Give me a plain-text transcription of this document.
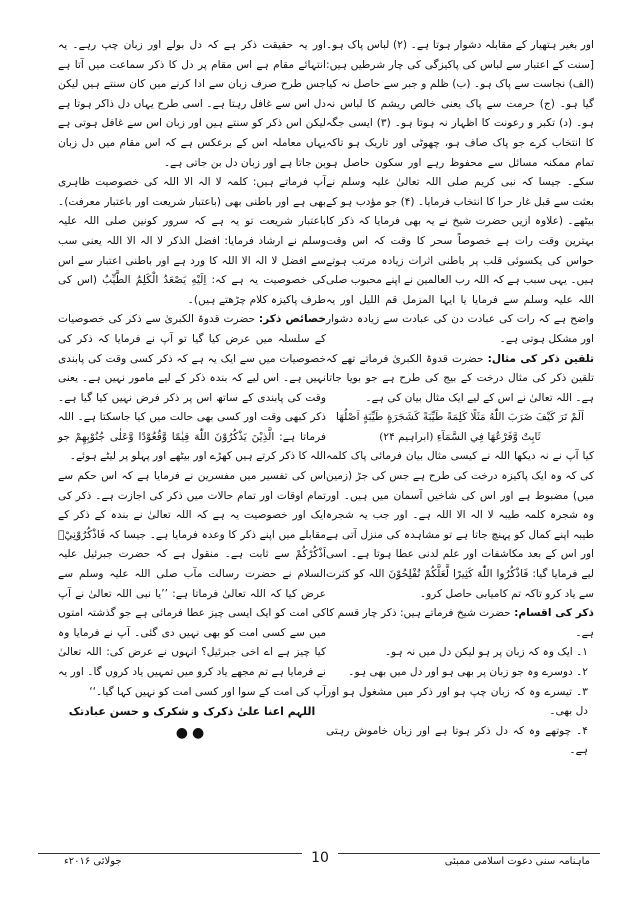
اور بغیر ہتھیار کے مقابلہ دشوار ہوتا ہے۔ (۲) لباس پاک ہو۔ [سنت کے اعتبار سے لباس کی پاکیزگی کی چار شرطیں ہیں: (الف) نجاست سے پاک ہو۔ (ب) ظلم و جبر سے حاصل نہ کیا گیا ہو۔ (ج) حرمت سے پاک یعنی خالص ریشم کا لباس نہ ہو۔ (د) تکبر و رعونت کا اظہار نہ ہوتا ہو۔ (۳) ایسی جگہ کا انتخاب کرے جو پاک صاف ہو، چھوٹی اور تاریک ہو تاکہ تمام ممکنہ مسائل سے محفوظ رہے اور سکون حاصل ہو سکے۔ جیسا کہ نبی کریم صلی اللہ تعالیٰ علیہ وسلم نے بعثت سے قبل غار حرا کا انتخاب فرمایا۔ (۴) جو مؤدب ہو کے بیٹھے۔ (علاوہ ازیں حضرت شیخ نے یہ بھی فرمایا کہ ذکر کا بہترین وقت رات ہے خصوصاً سحر کا وقت کہ اس وقت حواس کی یکسوئی قلب پر باطنی اثرات زیادہ مرتب ہوتے ہیں۔ یہی سبب ہے کہ اللہ رب العالمین نے اپنے محبوب صلی اللہ علیہ وسلم سے فرمایا یا ایہا المزمل قم اللیل اور یہ واضح ہے کہ رات کی عبادت دن کی عبادت سے زیادہ دشوار اور مشکل ہوتی ہے۔

تلقین ذکر کی مثال: حضرت قدوۃ الکبریٰ فرماتے تھے کہ تلقین ذکر کی مثال درخت کے بیج کی طرح ہے جو بویا جاتا ہے۔ اللہ تعالیٰ نے اس کے لیے ایک مثال بیان کی ہے۔

اَلَمْ تَرَ كَيْفَ ضَرَبَ اللّٰهُ مَثَلًا كَلِمَةً طَيِّبَةً كَشَجَرَةٍ طَيِّبَةٍ اَصْلُهَا ثَابِتٌ وَّفَرْعُهَا فِي السَّمَآءِ (ابراہیم ۲۴)

کیا آپ نے نہ دیکھا اللہ نے کیسی مثال بیان فرمائی پاک کلمہ کی کہ وہ ایک پاکیزہ درخت کی طرح ہے جس کی جڑ (زمین میں) مضبوط ہے اور اس کی شاخیں آسمان میں ہیں۔ اور وہ شجرہ کلمہ طیبہ لا الہ الا اللہ ہے۔ اور جب یہ شجرہ طیبہ اپنے کمال کو پہنچ جاتا ہے تو مشاہدہ کی منزل آتی ہے اور اس کے بعد مکاشفات اور علم لدنی عطا ہوتا ہے۔ اسی لیے فرمایا گیا: فَاذْكُرُوا اللّٰهَ كَثِيرًا لَّعَلَّكُمْ تُفْلِحُوْنَ اللہ کو کثرت سے یاد کرو تاکہ تم کامیابی حاصل کرو۔

ذکر کی اقسام: حضرت شیخ فرماتے ہیں: ذکر چار قسم کا ہے۔

۱۔ ایک وہ کہ زبان پر ہو لیکن دل میں نہ ہو۔

۲۔ دوسرے وہ جو زبان پر بھی ہو اور دل میں بھی ہو۔

۳۔ تیسرے وہ کہ زبان چپ ہو اور ذکر میں مشغول ہو اور دل بھی۔

۴۔ چوتھے وہ کہ دل ذکر ہوتا ہے اور زبان خاموش رہتی ہے۔

اور یہ حقیقت ذکر ہے کہ دل بولے اور زبان چپ رہے۔ یہ انتہائے مقام ہے اس مقام پر دل کا ذکر سماعت میں آتا ہے جس طرح صرف زبان سے ادا کرنے میں کان سنتے ہیں لیکن دل اس سے غافل رہتا ہے۔ اسی طرح یہاں دل ذاکر ہوتا ہے لیکن اس ذکر کو سنتے ہیں اور زبان اس سے غافل ہوتی ہے یہاں معاملہ اس کے برعکس ہے کہ اس مقام میں دل زبان بن جاتا ہے اور زبان دل بن جاتی ہے۔

آپ فرماتے ہیں: کلمہ لا الہ الا اللہ کی خصوصیت ظاہری بھی ہے اور باطنی بھی (باعتبار شریعت اور باعتبار معرفت)۔ باعتبار شریعت تو یہ ہے کہ سرور کونین صلی اللہ علیہ وسلم نے ارشاد فرمایا: افضل الذکر لا الہ الا اللہ یعنی سب سے افضل لا الہ الا اللہ کا ورد ہے اور باطنی اعتبار سے اس کی خصوصیت یہ ہے کہ: اِلَيْهِ يَصْعَدُ الْكَلِمُ الطَّيِّبُ (اس کی طرف پاکیزہ کلام چڑھتے ہیں)۔

خصائص ذکر: حضرت قدوۃ الکبریٰ سے ذکر کی خصوصیات کے سلسلہ میں عرض کیا گیا تو آپ نے فرمایا کہ ذکر کی خصوصیات میں سے ایک یہ ہے کہ ذکر کسی وقت کی پابندی نہیں ہے۔ اس لیے کہ بندہ ذکر کے لیے مامور نہیں ہے۔ یعنی وقت کی پابندی کے ساتھ اس پر ذکر فرض نہیں کیا گیا ہے۔ ذکر کبھی وقت اور کسی بھی حالت میں کیا جاسکتا ہے۔ اللہ فرماتا ہے: الَّذِيْنَ يَذْكُرُوْنَ اللّٰهَ قِيٰمًا وَّقُعُوْدًا وَّعَلٰى جُنُوْبِهِمْ جو اللہ کا ذکر کرتے ہیں کھڑے اور بیٹھے اور پہلو پر لیٹے ہوئے۔

اس کی تفسیر میں مفسرین نے فرمایا ہے کہ اس حکم سے تمام اوقات اور تمام حالات میں ذکر کی اجازت ہے۔ ذکر کی ایک اور خصوصیت یہ ہے کہ اللہ تعالیٰ نے بندہ کے ذکر کے مقابلے میں اپنے ذکر کا وعدہ فرمایا ہے۔ جیسا کہ فَاذْكُرُوْنِيْۤ اَذْكُرْكُمْ سے ثابت ہے۔ منقول ہے کہ حضرت جبرئیل علیہ السلام نے حضرت رسالت مآب صلی اللہ علیہ وسلم سے عرض کیا کہ اللہ تعالیٰ فرماتا ہے: ’’یا نبی اللہ تعالیٰ نے آپ کی امت کو ایک ایسی چیز عطا فرمائی ہے جو گذشتہ امتوں میں سے کسی امت کو بھی نہیں دی گئی۔ آپ نے فرمایا وہ کیا چیز ہے اے اخی جبرئیل؟ انہوں نے عرض کی: اللہ تعالیٰ نے فرمایا ہے تم مجھے یاد کرو میں تمہیں یاد کروں گا۔ اور یہ آپ کی امت کے سوا اور کسی امت کو نہیں کہا گیا۔‘‘

اللہم اعنا علیٰ ذکرک و شکرک و حسن عبادتک

●●
ماہنامہ سنی دعوت اسلامی ممبئی
10
جولائی ۲۰۱۶ء
